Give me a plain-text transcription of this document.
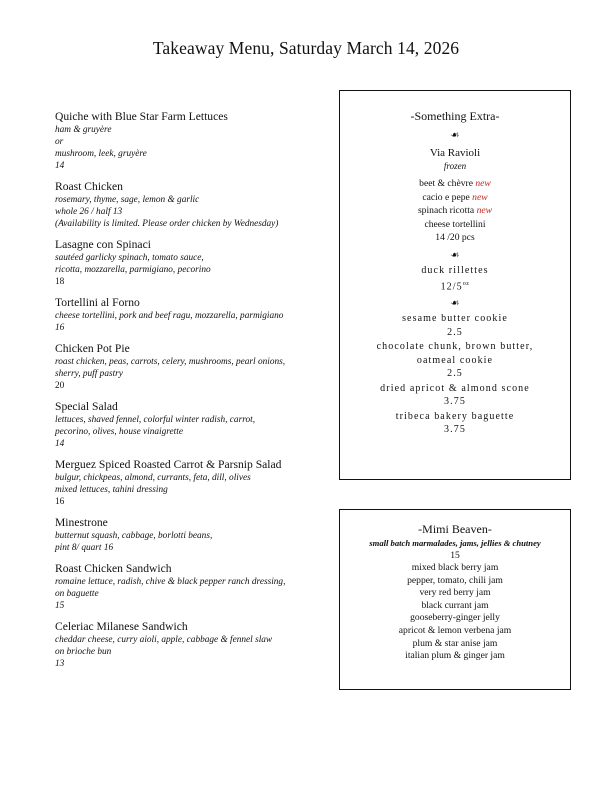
Takeaway Menu, Saturday March 14, 2026
Quiche with Blue Star Farm Lettuces
ham & gruyère
or
mushroom, leek, gruyère
14
Roast Chicken
rosemary, thyme, sage, lemon & garlic
whole 26 / half 13
(Availability is limited. Please order chicken by Wednesday)
Lasagne con Spinaci
sautéed garlicky spinach, tomato sauce,
ricotta, mozzarella, parmigiano, pecorino
18
Tortellini al Forno
cheese tortellini, pork and beef ragu, mozzarella, parmigiano
16
Chicken Pot Pie
roast chicken, peas, carrots, celery, mushrooms, pearl onions,
sherry, puff pastry
20
Special Salad
lettuces, shaved fennel, colorful winter radish, carrot,
pecorino, olives, house vinaigrette
14
Merguez Spiced Roasted Carrot & Parsnip Salad
bulgur, chickpeas, almond, currants, feta, dill, olives
mixed lettuces, tahini dressing
16
Minestrone
butternut squash, cabbage, borlotti beans,
pint 8/ quart 16
Roast Chicken Sandwich
romaine lettuce, radish, chive & black pepper ranch dressing,
on baguette
15
Celeriac Milanese Sandwich
cheddar cheese, curry aioli, apple, cabbage & fennel slaw
on brioche bun
13
-Something Extra-
☙
Via Ravioli
frozen
beet & chèvre new
cacio e pepe new
spinach ricotta new
cheese tortellini
14 /20 pcs
☙
duck rillettes
$12/5^{oz}$
☙
sesame butter cookie
2.5
chocolate chunk, brown butter, oatmeal cookie
2.5
dried apricot & almond scone
3.75
tribeca bakery baguette
3.75
-Mimi Beaven-
small batch marmalades, jams, jellies & chutney
15
mixed black berry jam
pepper, tomato, chili jam
very red berry jam
black currant jam
gooseberry-ginger jelly
apricot & lemon verbena jam
plum & star anise jam
italian plum & ginger jam
